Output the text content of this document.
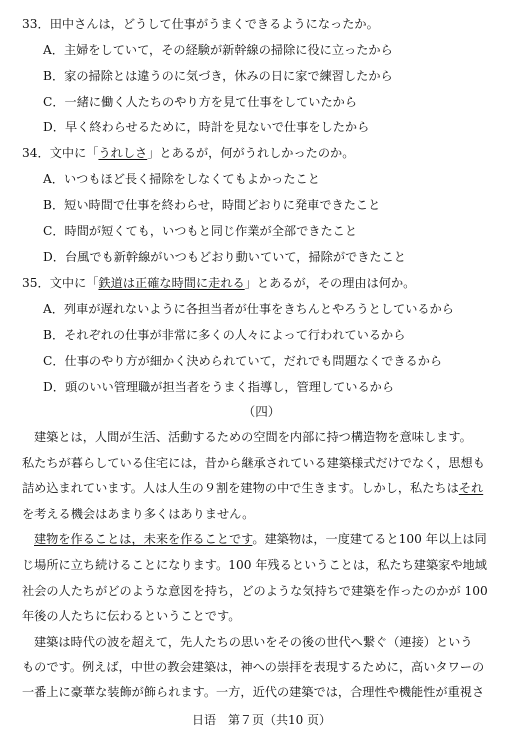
33．田中さんは，どうして仕事がうまくできるようになったか。
A．主婦をしていて，その経験が新幹線の掃除に役に立ったから
B．家の掃除とは違うのに気づき，休みの日に家で練習したから
C．一緒に働く人たちのやり方を見て仕事をしていたから
D．早く終わらせるために，時計を見ないで仕事をしたから
34．文中に「うれしさ」とあるが，何がうれしかったのか。
A．いつもほど長く掃除をしなくてもよかったこと
B．短い時間で仕事を終わらせ，時間どおりに発車できたこと
C．時間が短くても，いつもと同じ作業が全部できたこと
D．台風でも新幹線がいつもどおり動いていて，掃除ができたこと
35．文中に「鉄道は正確な時間に走れる」とあるが，その理由は何か。
A．列車が遅れないように各担当者が仕事をきちんとやろうとしているから
B．それぞれの仕事が非常に多くの人々によって行われているから
C．仕事のやり方が細かく決められていて，だれでも問題なくできるから
D．頭のいい管理職が担当者をうまく指導し，管理しているから
（四）
建築とは，人間が生活、活動するための空間を内部に持つ構造物を意味します。
私たちが暮らしている住宅には，昔から継承されている建築様式だけでなく，思想も
詰め込まれています。人は人生の９割を建物の中で生きます。しかし，私たちはそれ
を考える機会はあまり多くはありません。
建物を作ることは，未来を作ることです。建築物は，一度建てると100 年以上は同
じ場所に立ち続けることになります。100 年残るということは，私たち建築家や地域
社会の人たちがどのような意図を持ち，どのような気持ちで建築を作ったのかが 100
年後の人たちに伝わるということです。
建築は時代の波を超えて，先人たちの思いをその後の世代へ繋ぐ（連接）という
ものです。例えば，中世の教会建築は，神への崇拝を表現するために，高いタワーの
一番上に豪華な装飾が飾られます。一方，近代の建築では，合理性や機能性が重視さ
日语　第７页（共10 页）
